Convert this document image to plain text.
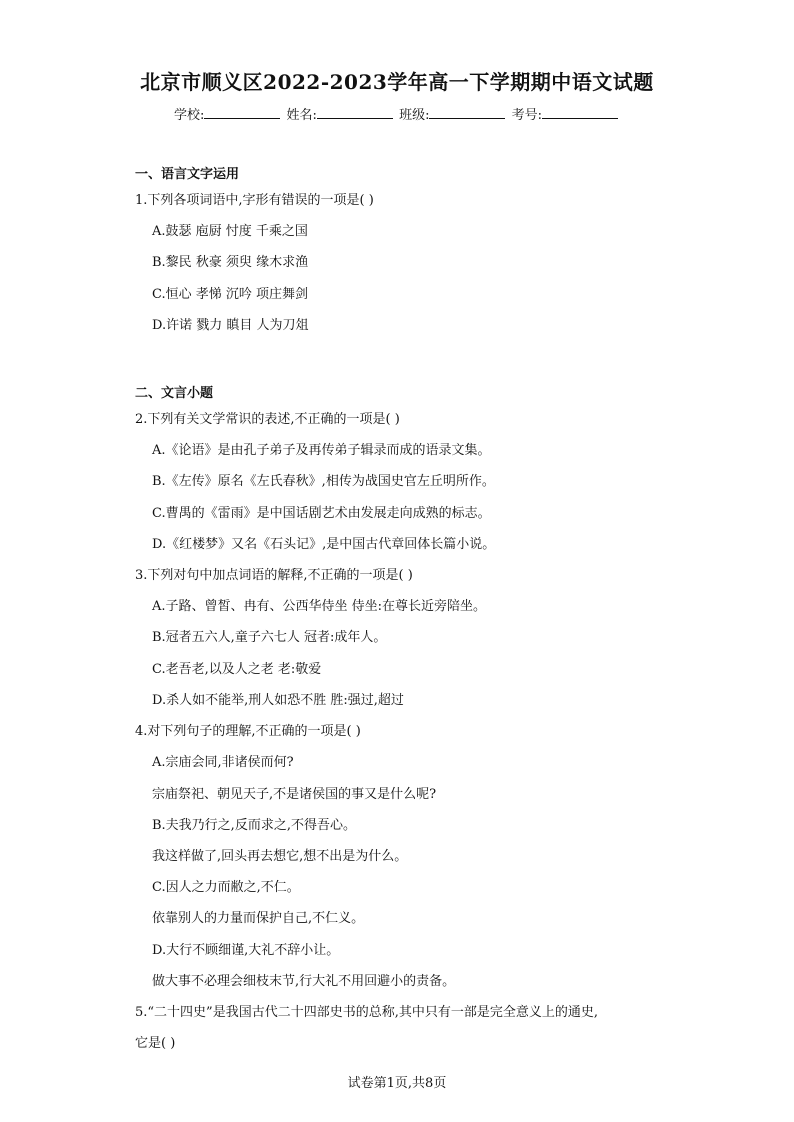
北京市顺义区2022-2023学年高一下学期期中语文试题
学校:	姓名:	班级:	考号:
一、语言文字运用
1.下列各项词语中,字形有错误的一项是( )
A.鼓瑟 庖厨 忖度 千乘之国
B.黎民 秋豪 须臾 缘木求渔
C.恒心 孝悌 沉吟 项庄舞剑
D.许诺 戮力 瞋目 人为刀俎
二、文言小题
2.下列有关文学常识的表述,不正确的一项是( )
A.《论语》是由孔子弟子及再传弟子辑录而成的语录文集。
B.《左传》原名《左氏春秋》,相传为战国史官左丘明所作。
C.曹禺的《雷雨》是中国话剧艺术由发展走向成熟的标志。
D.《红楼梦》又名《石头记》,是中国古代章回体长篇小说。
3.下列对句中加点词语的解释,不正确的一项是( )
A.子路、曾皙、冉有、公西华侍坐 侍坐:在尊长近旁陪坐。
B.冠者五六人,童子六七人 冠者:成年人。
C.老吾老,以及人之老 老:敬爱
D.杀人如不能举,刑人如恐不胜 胜:强过,超过
4.对下列句子的理解,不正确的一项是( )
A.宗庙会同,非诸侯而何?
宗庙祭祀、朝见天子,不是诸侯国的事又是什么呢?
B.夫我乃行之,反而求之,不得吾心。
我这样做了,回头再去想它,想不出是为什么。
C.因人之力而敝之,不仁。
依靠别人的力量而保护自己,不仁义。
D.大行不顾细谨,大礼不辞小让。
做大事不必理会细枝末节,行大礼不用回避小的责备。
5.“二十四史”是我国古代二十四部史书的总称,其中只有一部是完全意义上的通史,
它是( )
试卷第1页,共8页
